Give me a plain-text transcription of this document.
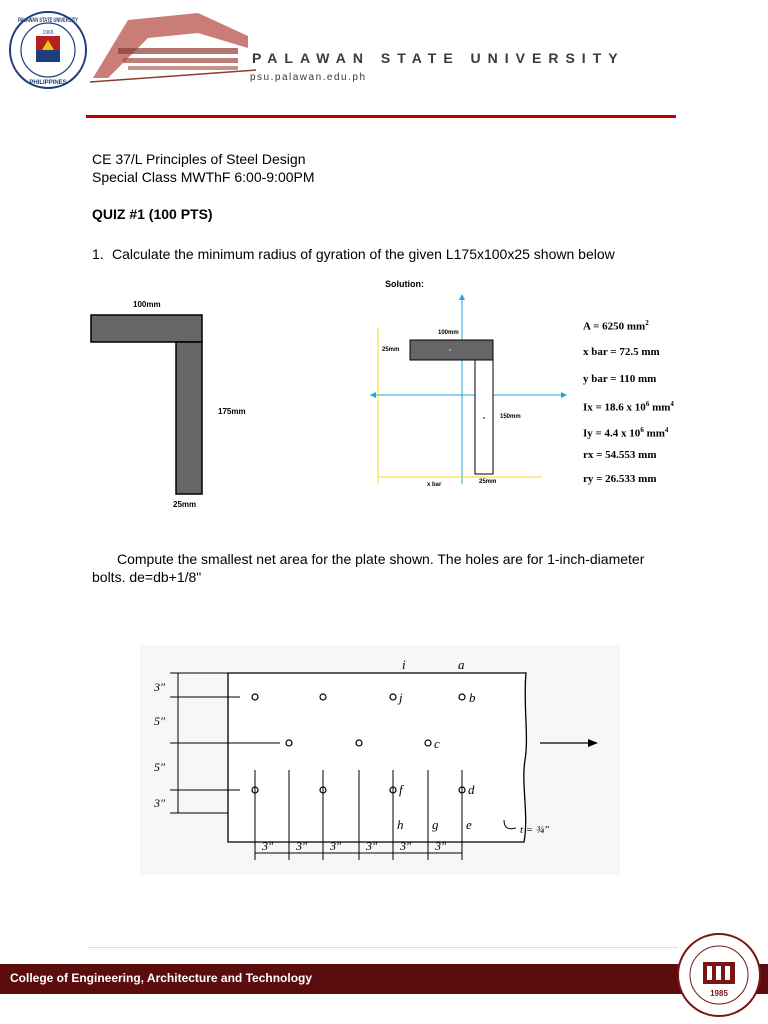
1965
PALAWAN STATE UNIVERSITY
PHILIPPINES
PALAWAN STATE UNIVERSITY
psu.palawan.edu.ph
CE 37/L Principles of Steel Design
Special Class MWThF 6:00-9:00PM
QUIZ #1 (100 PTS)
1. Calculate the minimum radius of gyration of the given L175x100x25 shown below
100mm
175mm
25mm
Solution:
100mm
25mm
150mm
25mm
x bar
A = 6250 $mm^2$
x bar = 72.5 mm
y bar = 110 mm
Ix = 18.6 x $10^6$ $mm^4$
Iy = 4.4 x $10^6$ $mm^4$
rx = 54.553 mm
ry = 26.533 mm
Compute the smallest net area for the plate shown. The holes are for 1-inch-diameter
bolts. de=db+1/8"
i	a
j	b
c
f	d
h g e
3"
5"
5"
3"
3" 3" 3" 3" 3" 3"
t = ¾"
College of Engineering, Architecture and Technology
1985
